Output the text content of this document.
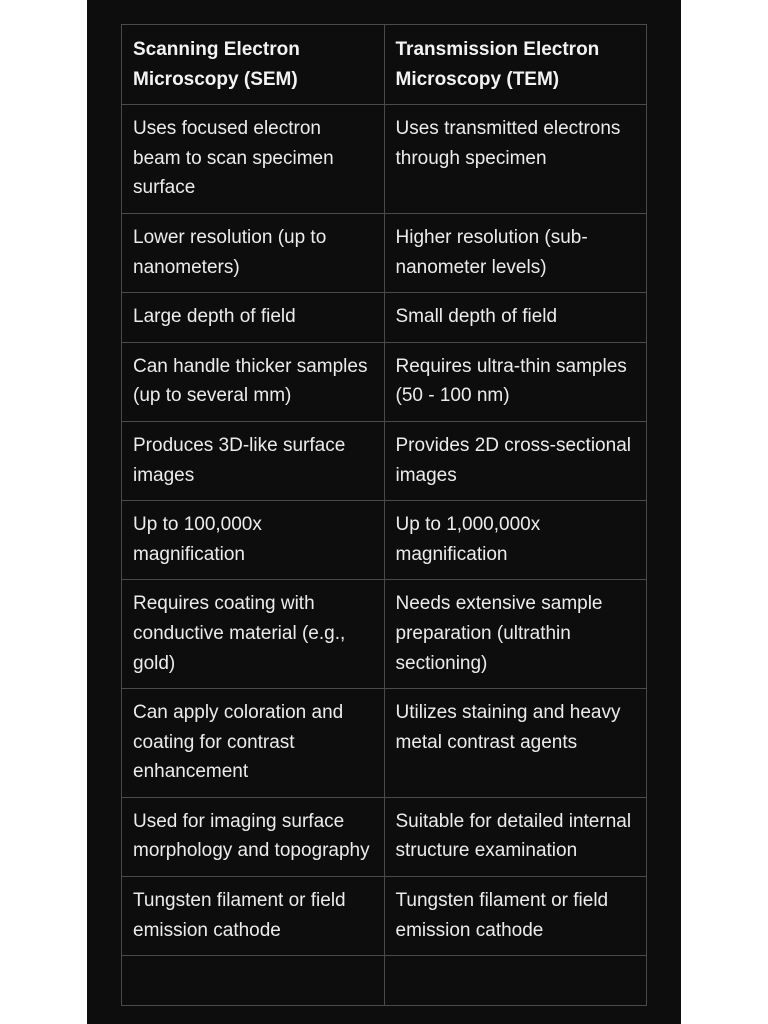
Scanning Electron Microscopy (SEM)	Transmission Electron Microscopy (TEM)
Uses focused electron beam to scan specimen surface	Uses transmitted electrons through specimen
Lower resolution (up to nanometers)	Higher resolution (sub-nanometer levels)
Large depth of field	Small depth of field
Can handle thicker samples (up to several mm)	Requires ultra-thin samples (50 - 100 nm)
Produces 3D-like surface images	Provides 2D cross-sectional images
Up to 100,000x magnification	Up to 1,000,000x magnification
Requires coating with conductive material (e.g., gold)	Needs extensive sample preparation (ultrathin sectioning)
Can apply coloration and coating for contrast enhancement	Utilizes staining and heavy metal contrast agents
Used for imaging surface morphology and topography	Suitable for detailed internal structure examination
Tungsten filament or field emission cathode	Tungsten filament or field emission cathode
